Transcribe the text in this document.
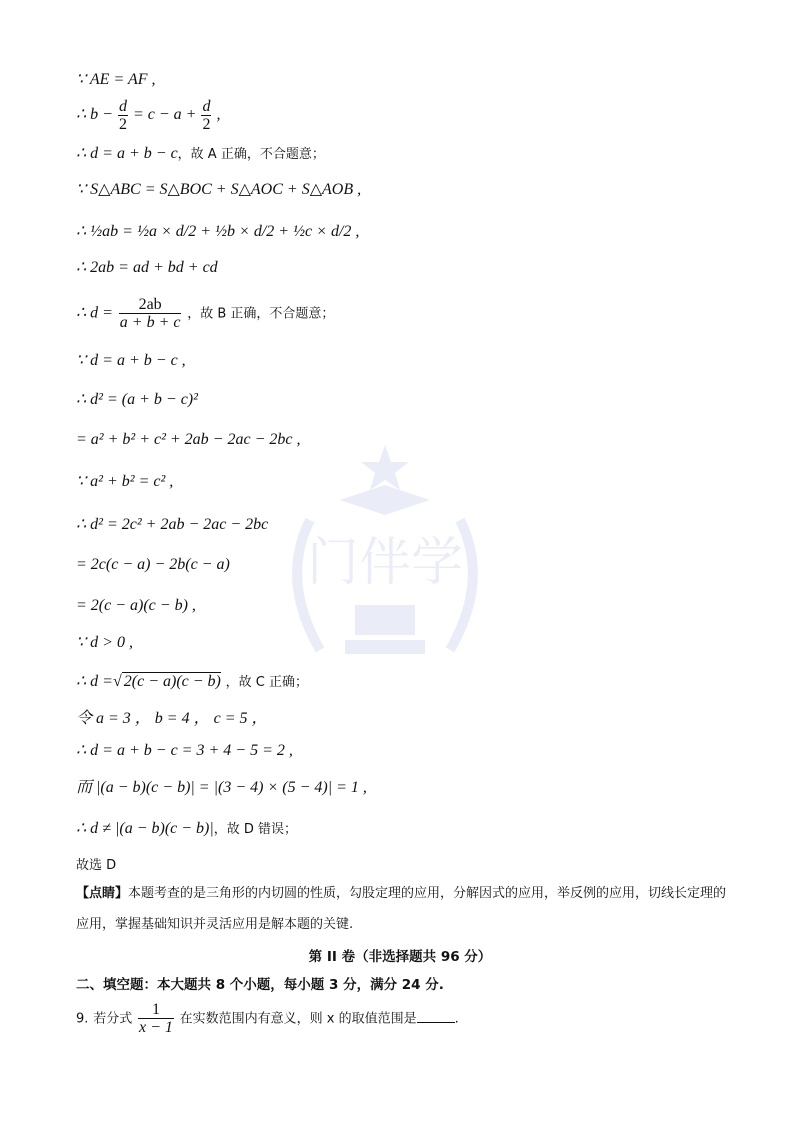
门伴学
∵ AE = AF ,
∴ $b - \frac{d}{2} = c - a + \frac{d}{2}$ ,
∴ d = a + b − c，故 A 正确，不合题意；
∵ S△ABC = S△BOC + S△AOC + S△AOB ,
∴ ½ab = ½a × d/2 + ½b × d/2 + ½c × d/2 ,
∴ 2ab = ad + bd + cd
∴ $d = \frac{2ab}{a + b + c}$ ，故 B 正确，不合题意；
∵ d = a + b − c ,
∴ d² = (a + b − c)²
= a² + b² + c² + 2ab − 2ac − 2bc ,
∵ a² + b² = c² ,
∴ d² = 2c² + 2ab − 2ac − 2bc
= 2c(c − a) − 2b(c − a)
= 2(c − a)(c − b) ,
∵ d > 0 ,
∴ d =√ 2(c − a)(c − b) ，故 C 正确；
令 a = 3 ， b = 4 ， c = 5 ，
∴ d = a + b − c = 3 + 4 − 5 = 2 ,
而 |(a − b)(c − b)| = |(3 − 4) × (5 − 4)| = 1 ,
∴ d ≠ |(a − b)(c − b)|，故 D 错误；
故选 D
【点睛】本题考查的是三角形的内切圆的性质，勾股定理的应用，分解因式的应用，举反例的应用，切线长定理的应用，掌握基础知识并灵活应用是解本题的关键.
第 II 卷（非选择题共 96 分）
二、填空题：本大题共 8 个小题，每小题 3 分，满分 24 分.
9. 若分式 $\frac{1}{x - 1}$ 在实数范围内有意义，则 x 的取值范围是	.
